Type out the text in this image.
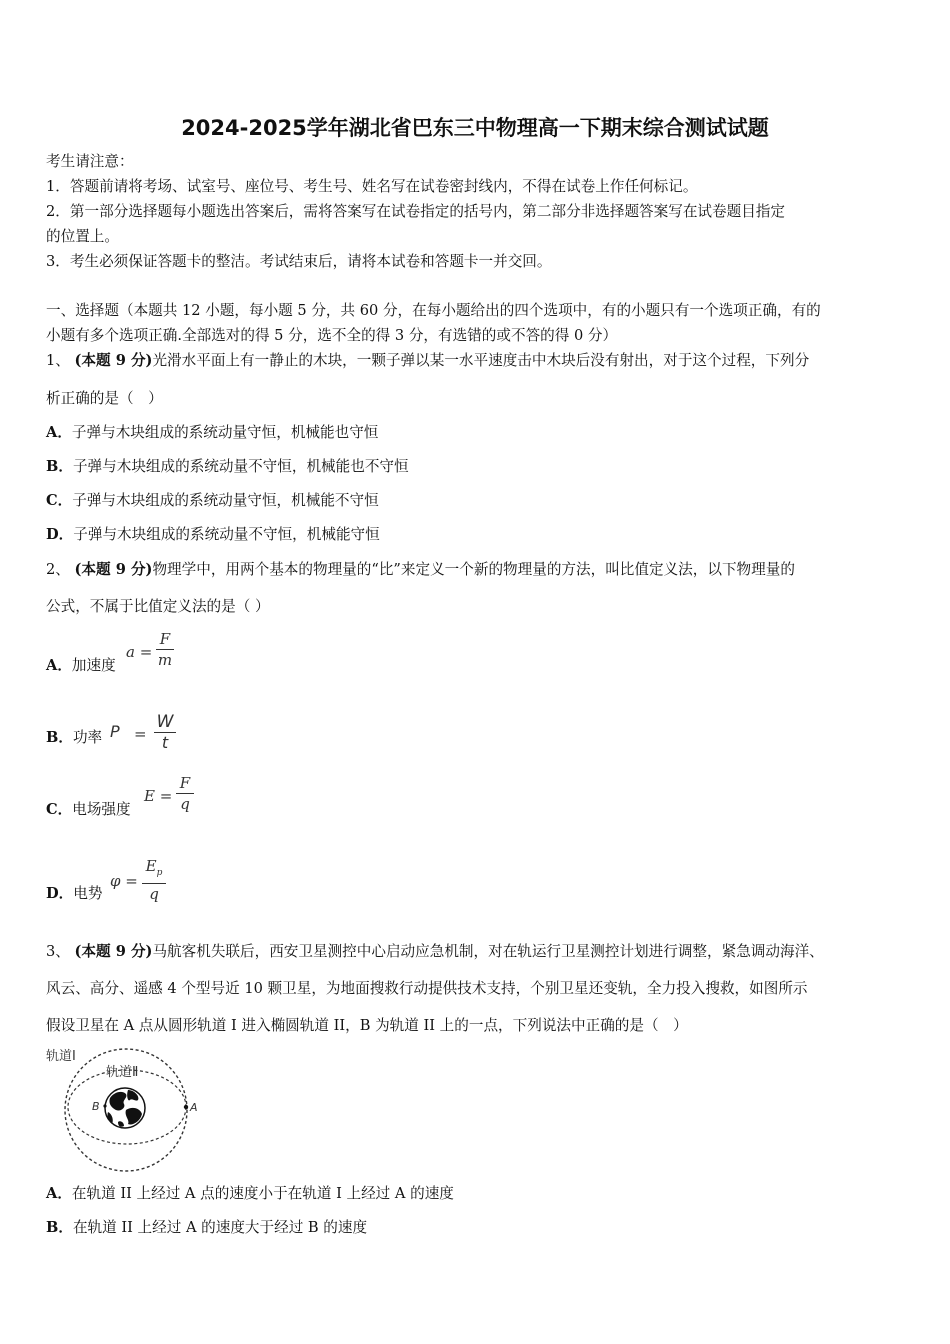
2024-2025学年湖北省巴东三中物理高一下期末综合测试试题
考生请注意：
1．答题前请将考场、试室号、座位号、考生号、姓名写在试卷密封线内，不得在试卷上作任何标记。
2．第一部分选择题每小题选出答案后，需将答案写在试卷指定的括号内，第二部分非选择题答案写在试卷题目指定
的位置上。
3．考生必须保证答题卡的整洁。考试结束后，请将本试卷和答题卡一并交回。
一、选择题（本题共 12 小题，每小题 5 分，共 60 分，在每小题给出的四个选项中，有的小题只有一个选项正确，有的
小题有多个选项正确.全部选对的得 5 分，选不全的得 3 分，有选错的或不答的得 0 分）
1、 (本题 9 分)光滑水平面上有一静止的木块，一颗子弹以某一水平速度击中木块后没有射出，对于这个过程，下列分
析正确的是（　）
A．子弹与木块组成的系统动量守恒，机械能也守恒
B．子弹与木块组成的系统动量不守恒，机械能也不守恒
C．子弹与木块组成的系统动量守恒，机械能不守恒
D．子弹与木块组成的系统动量不守恒，机械能守恒
2、 (本题 9 分)物理学中，用两个基本的物理量的“比”来定义一个新的物理量的方法，叫比值定义法，以下物理量的
公式，不属于比值定义法的是（ ）
A．加速度
a =
F
m
B．功率 P =
W
t
C．电场强度
E =
F
q
D．电势
φ =
$E_p$
q
3、 (本题 9 分)马航客机失联后，西安卫星测控中心启动应急机制，对在轨运行卫星测控计划进行调整，紧急调动海洋、
风云、高分、遥感 4 个型号近 10 颗卫星，为地面搜救行动提供技术支持，个别卫星还变轨，全力投入搜救，如图所示
假设卫星在 A 点从圆形轨道 I 进入椭圆轨道 II，B 为轨道 II 上的一点，下列说法中正确的是（　）
轨道Ⅰ
轨道Ⅱ
A
B
A．在轨道 II 上经过 A 点的速度小于在轨道 I 上经过 A 的速度
B．在轨道 II 上经过 A 的速度大于经过 B 的速度
